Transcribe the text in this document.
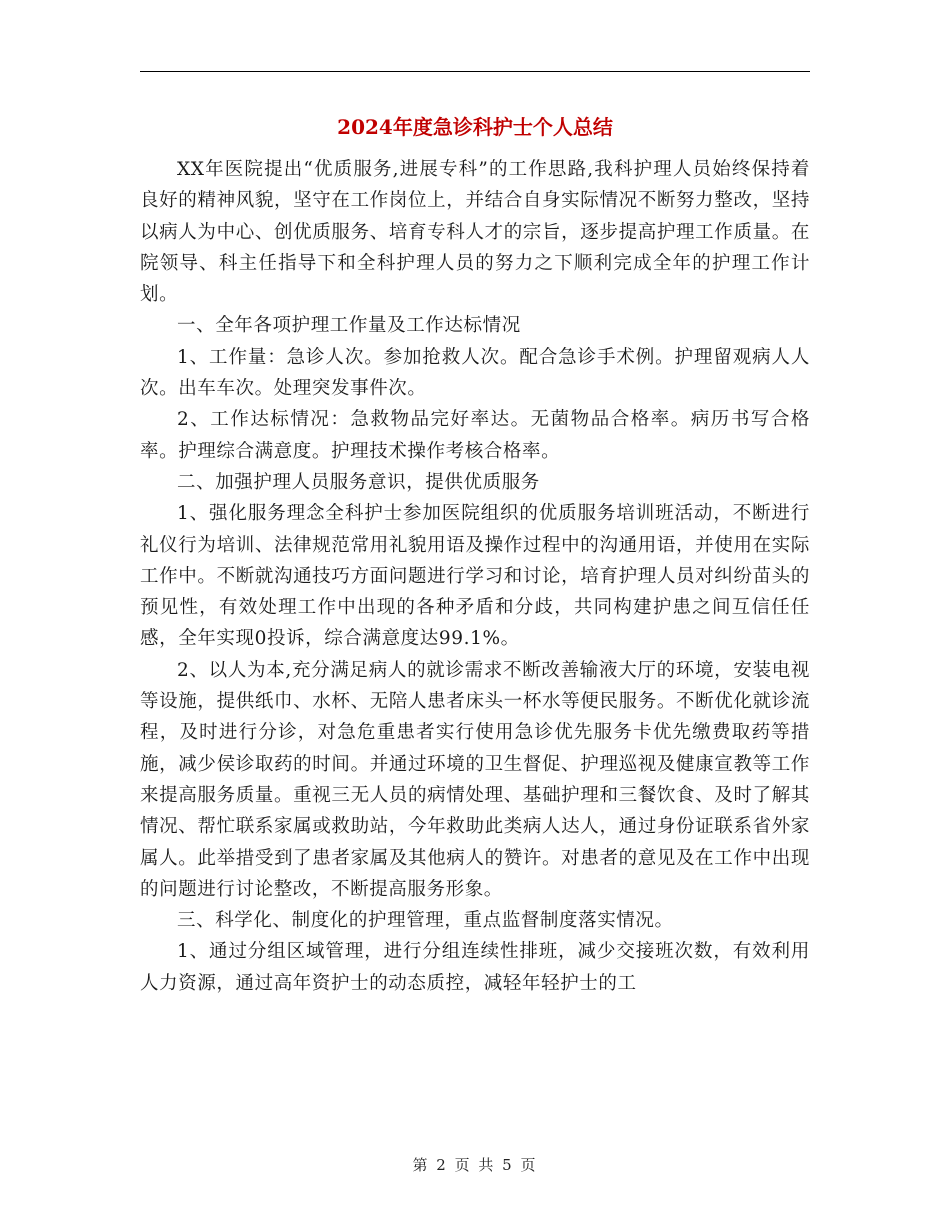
2024年度急诊科护士个人总结

XX年医院提出“优质服务,进展专科”的工作思路,我科护理人员始终保持着良好的精神风貌，坚守在工作岗位上，并结合自身实际情况不断努力整改，坚持以病人为中心、创优质服务、培育专科人才的宗旨，逐步提高护理工作质量。在院领导、科主任指导下和全科护理人员的努力之下顺利完成全年的护理工作计划。

一、全年各项护理工作量及工作达标情况

1、工作量：急诊人次。参加抢救人次。配合急诊手术例。护理留观病人人次。出车车次。处理突发事件次。

2、工作达标情况：急救物品完好率达。无菌物品合格率。病历书写合格率。护理综合满意度。护理技术操作考核合格率。

二、加强护理人员服务意识，提供优质服务

1、强化服务理念全科护士参加医院组织的优质服务培训班活动，不断进行礼仪行为培训、法律规范常用礼貌用语及操作过程中的沟通用语，并使用在实际工作中。不断就沟通技巧方面问题进行学习和讨论，培育护理人员对纠纷苗头的预见性，有效处理工作中出现的各种矛盾和分歧，共同构建护患之间互信任任感，全年实现0投诉，综合满意度达99.1%。

2、以人为本,充分满足病人的就诊需求不断改善输液大厅的环境，安装电视等设施，提供纸巾、水杯、无陪人患者床头一杯水等便民服务。不断优化就诊流程，及时进行分诊，对急危重患者实行使用急诊优先服务卡优先缴费取药等措施，减少侯诊取药的时间。并通过环境的卫生督促、护理巡视及健康宣教等工作来提高服务质量。重视三无人员的病情处理、基础护理和三餐饮食、及时了解其情况、帮忙联系家属或救助站，今年救助此类病人达人，通过身份证联系省外家属人。此举措受到了患者家属及其他病人的赞许。对患者的意见及在工作中出现的问题进行讨论整改，不断提高服务形象。

三、科学化、制度化的护理管理，重点监督制度落实情况。

1、通过分组区域管理，进行分组连续性排班，减少交接班次数，有效利用人力资源，通过高年资护士的动态质控，减轻年轻护士的工

第 2 页 共 5 页
